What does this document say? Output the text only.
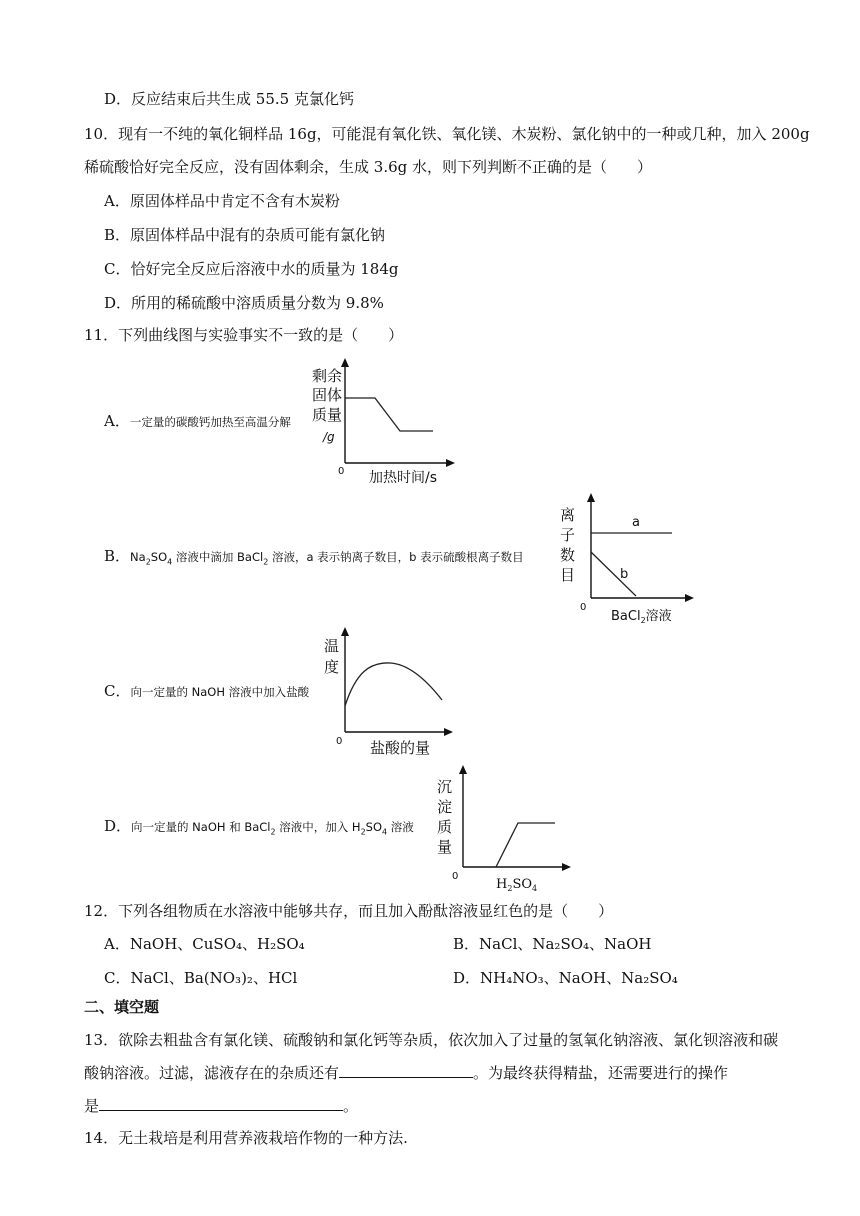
D．反应结束后共生成 55.5 克氯化钙
10．现有一不纯的氧化铜样品 16g，可能混有氧化铁、氧化镁、木炭粉、氯化钠中的一种或几种，加入 200g
稀硫酸恰好完全反应，没有固体剩余，生成 3.6g 水，则下列判断不正确的是（　　）
A．原固体样品中肯定不含有木炭粉
B．原固体样品中混有的杂质可能有氯化钠
C．恰好完全反应后溶液中水的质量为 184g
D．所用的稀硫酸中溶质质量分数为 9.8%
11．下列曲线图与实验事实不一致的是（　　）
A．一定量的碳酸钙加热至高温分解
剩余
固体
质量
/g
0 加热时间/s
B．$Na_2SO_4$ 溶液中滴加 BaCl$_2$ 溶液，a 表示钠离子数目，b 表示硫酸根离子数目
a
b
离
子
数
目
0
BaCl$_2$溶液
C．向一定量的 NaOH 溶液中加入盐酸
温
度
0 盐酸的量
D．向一定量的 NaOH 和 BaCl$_2$ 溶液中，加入 $H_2SO_4$ 溶液
沉
淀
质
量
0
$H_2SO_4$
12．下列各组物质在水溶液中能够共存，而且加入酚酞溶液显红色的是（　　）
A．NaOH、CuSO₄、H₂SO₄	B．NaCl、Na₂SO₄、NaOH
C．NaCl、Ba(NO₃)₂、HCl	D．NH₄NO₃、NaOH、Na₂SO₄
二、填空题
13．欲除去粗盐含有氯化镁、硫酸钠和氯化钙等杂质，依次加入了过量的氢氧化钠溶液、氯化钡溶液和碳
酸钠溶液。过滤，滤液存在的杂质还有	。为最终获得精盐，还需要进行的操作
是	。
14．无土栽培是利用营养液栽培作物的一种方法.
